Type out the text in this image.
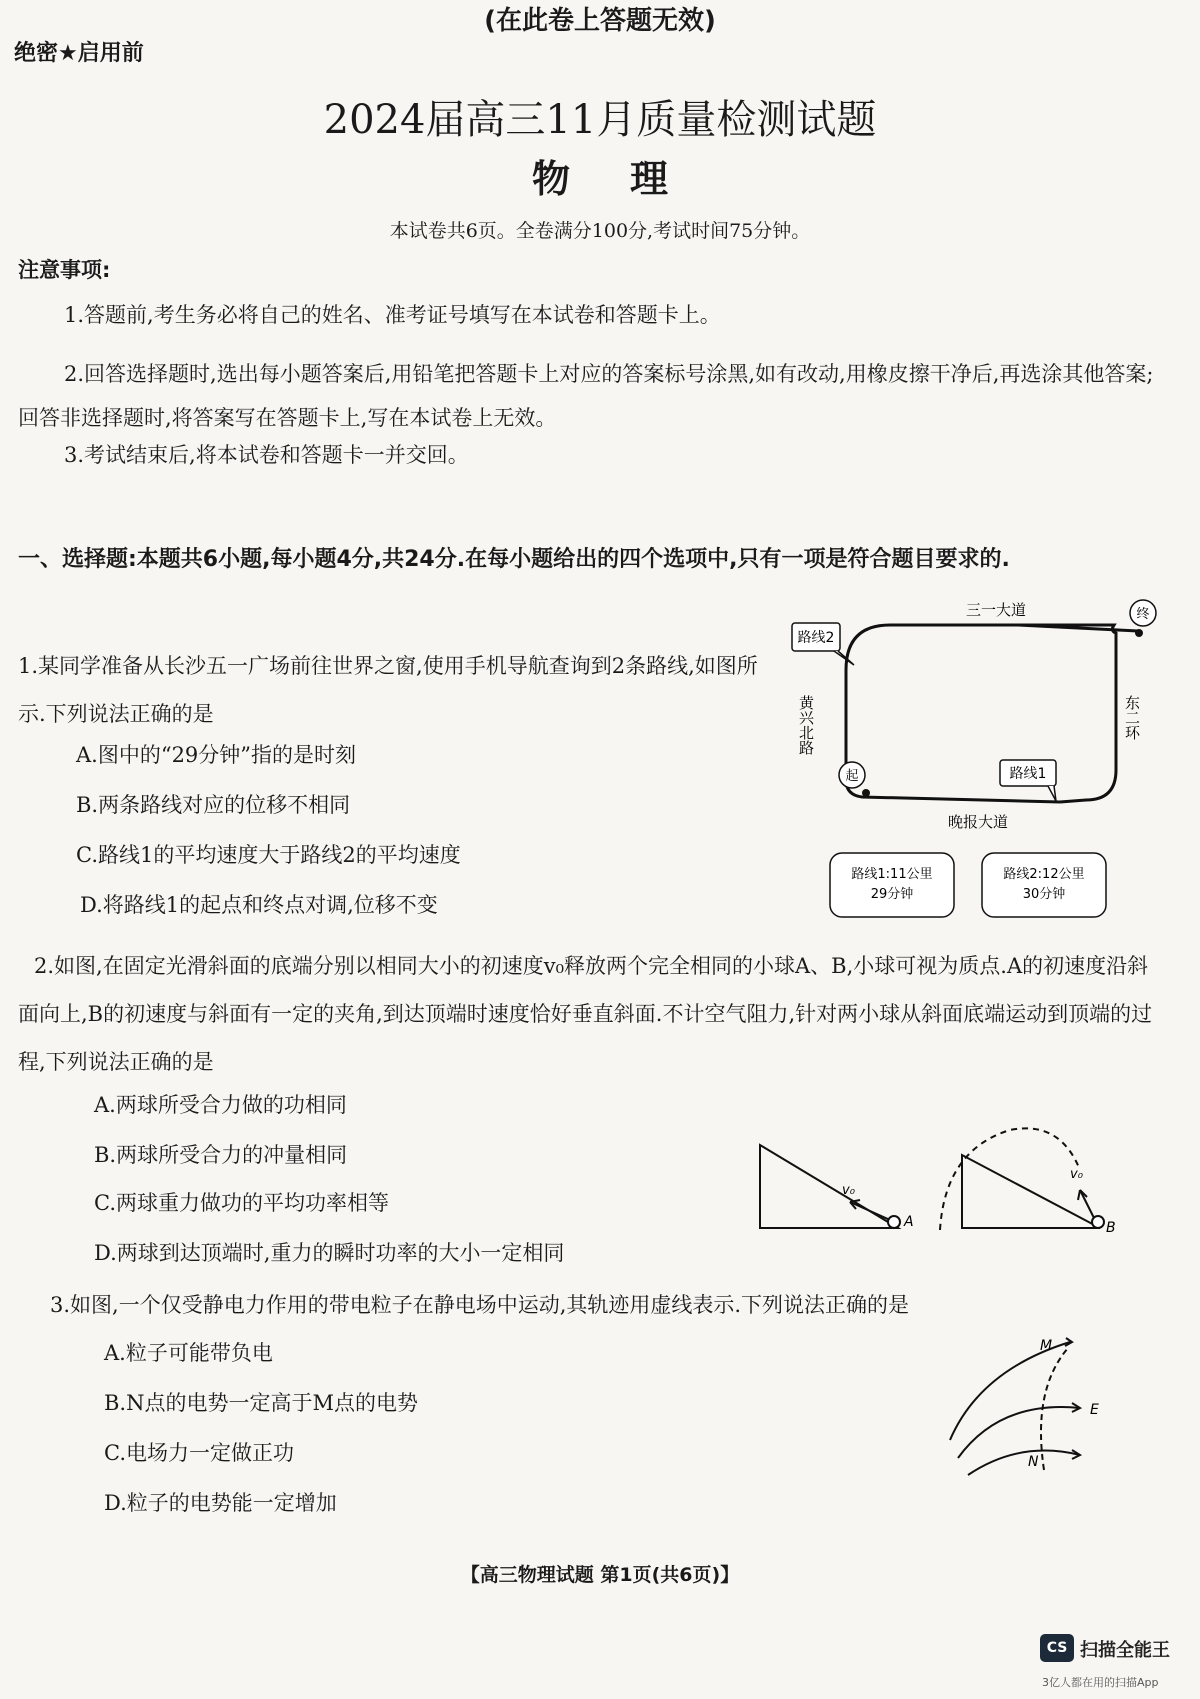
(在此卷上答题无效)
绝密★启用前
2024届高三11月质量检测试题
物理
本试卷共6页。全卷满分100分,考试时间75分钟。
注意事项:
1.答题前,考生务必将自己的姓名、准考证号填写在本试卷和答题卡上。
2.回答选择题时,选出每小题答案后,用铅笔把答题卡上对应的答案标号涂黑,如有改动,用橡皮擦干净后,再选涂其他答案;回答非选择题时,将答案写在答题卡上,写在本试卷上无效。
3.考试结束后,将本试卷和答题卡一并交回。
一、选择题:本题共6小题,每小题4分,共24分.在每小题给出的四个选项中,只有一项是符合题目要求的.
1.某同学准备从长沙五一广场前往世界之窗,使用手机导航查询到2条路线,如图所示.下列说法正确的是
A.图中的“29分钟”指的是时刻
B.两条路线对应的位移不相同
C.路线1的平均速度大于路线2的平均速度
D.将路线1的起点和终点对调,位移不变
三一大道
黄兴北路	东二环
晚报大道
终
起
路线2
路线1
路线1:11公里
29分钟
路线2:12公里
30分钟
2.如图,在固定光滑斜面的底端分别以相同大小的初速度v₀释放两个完全相同的小球A、B,小球可视为质点.A的初速度沿斜面向上,B的初速度与斜面有一定的夹角,到达顶端时速度恰好垂直斜面.不计空气阻力,针对两小球从斜面底端运动到顶端的过程,下列说法正确的是
A.两球所受合力做的功相同
B.两球所受合力的冲量相同
C.两球重力做功的平均功率相等
D.两球到达顶端时,重力的瞬时功率的大小一定相同
v₀
v₀
A	B
3.如图,一个仅受静电力作用的带电粒子在静电场中运动,其轨迹用虚线表示.下列说法正确的是
A.粒子可能带负电
B.N点的电势一定高于M点的电势
C.电场力一定做正功
D.粒子的电势能一定增加
M
E
N
【高三物理试题 第1页(共6页)】
CS 扫描全能王
3亿人都在用的扫描App
